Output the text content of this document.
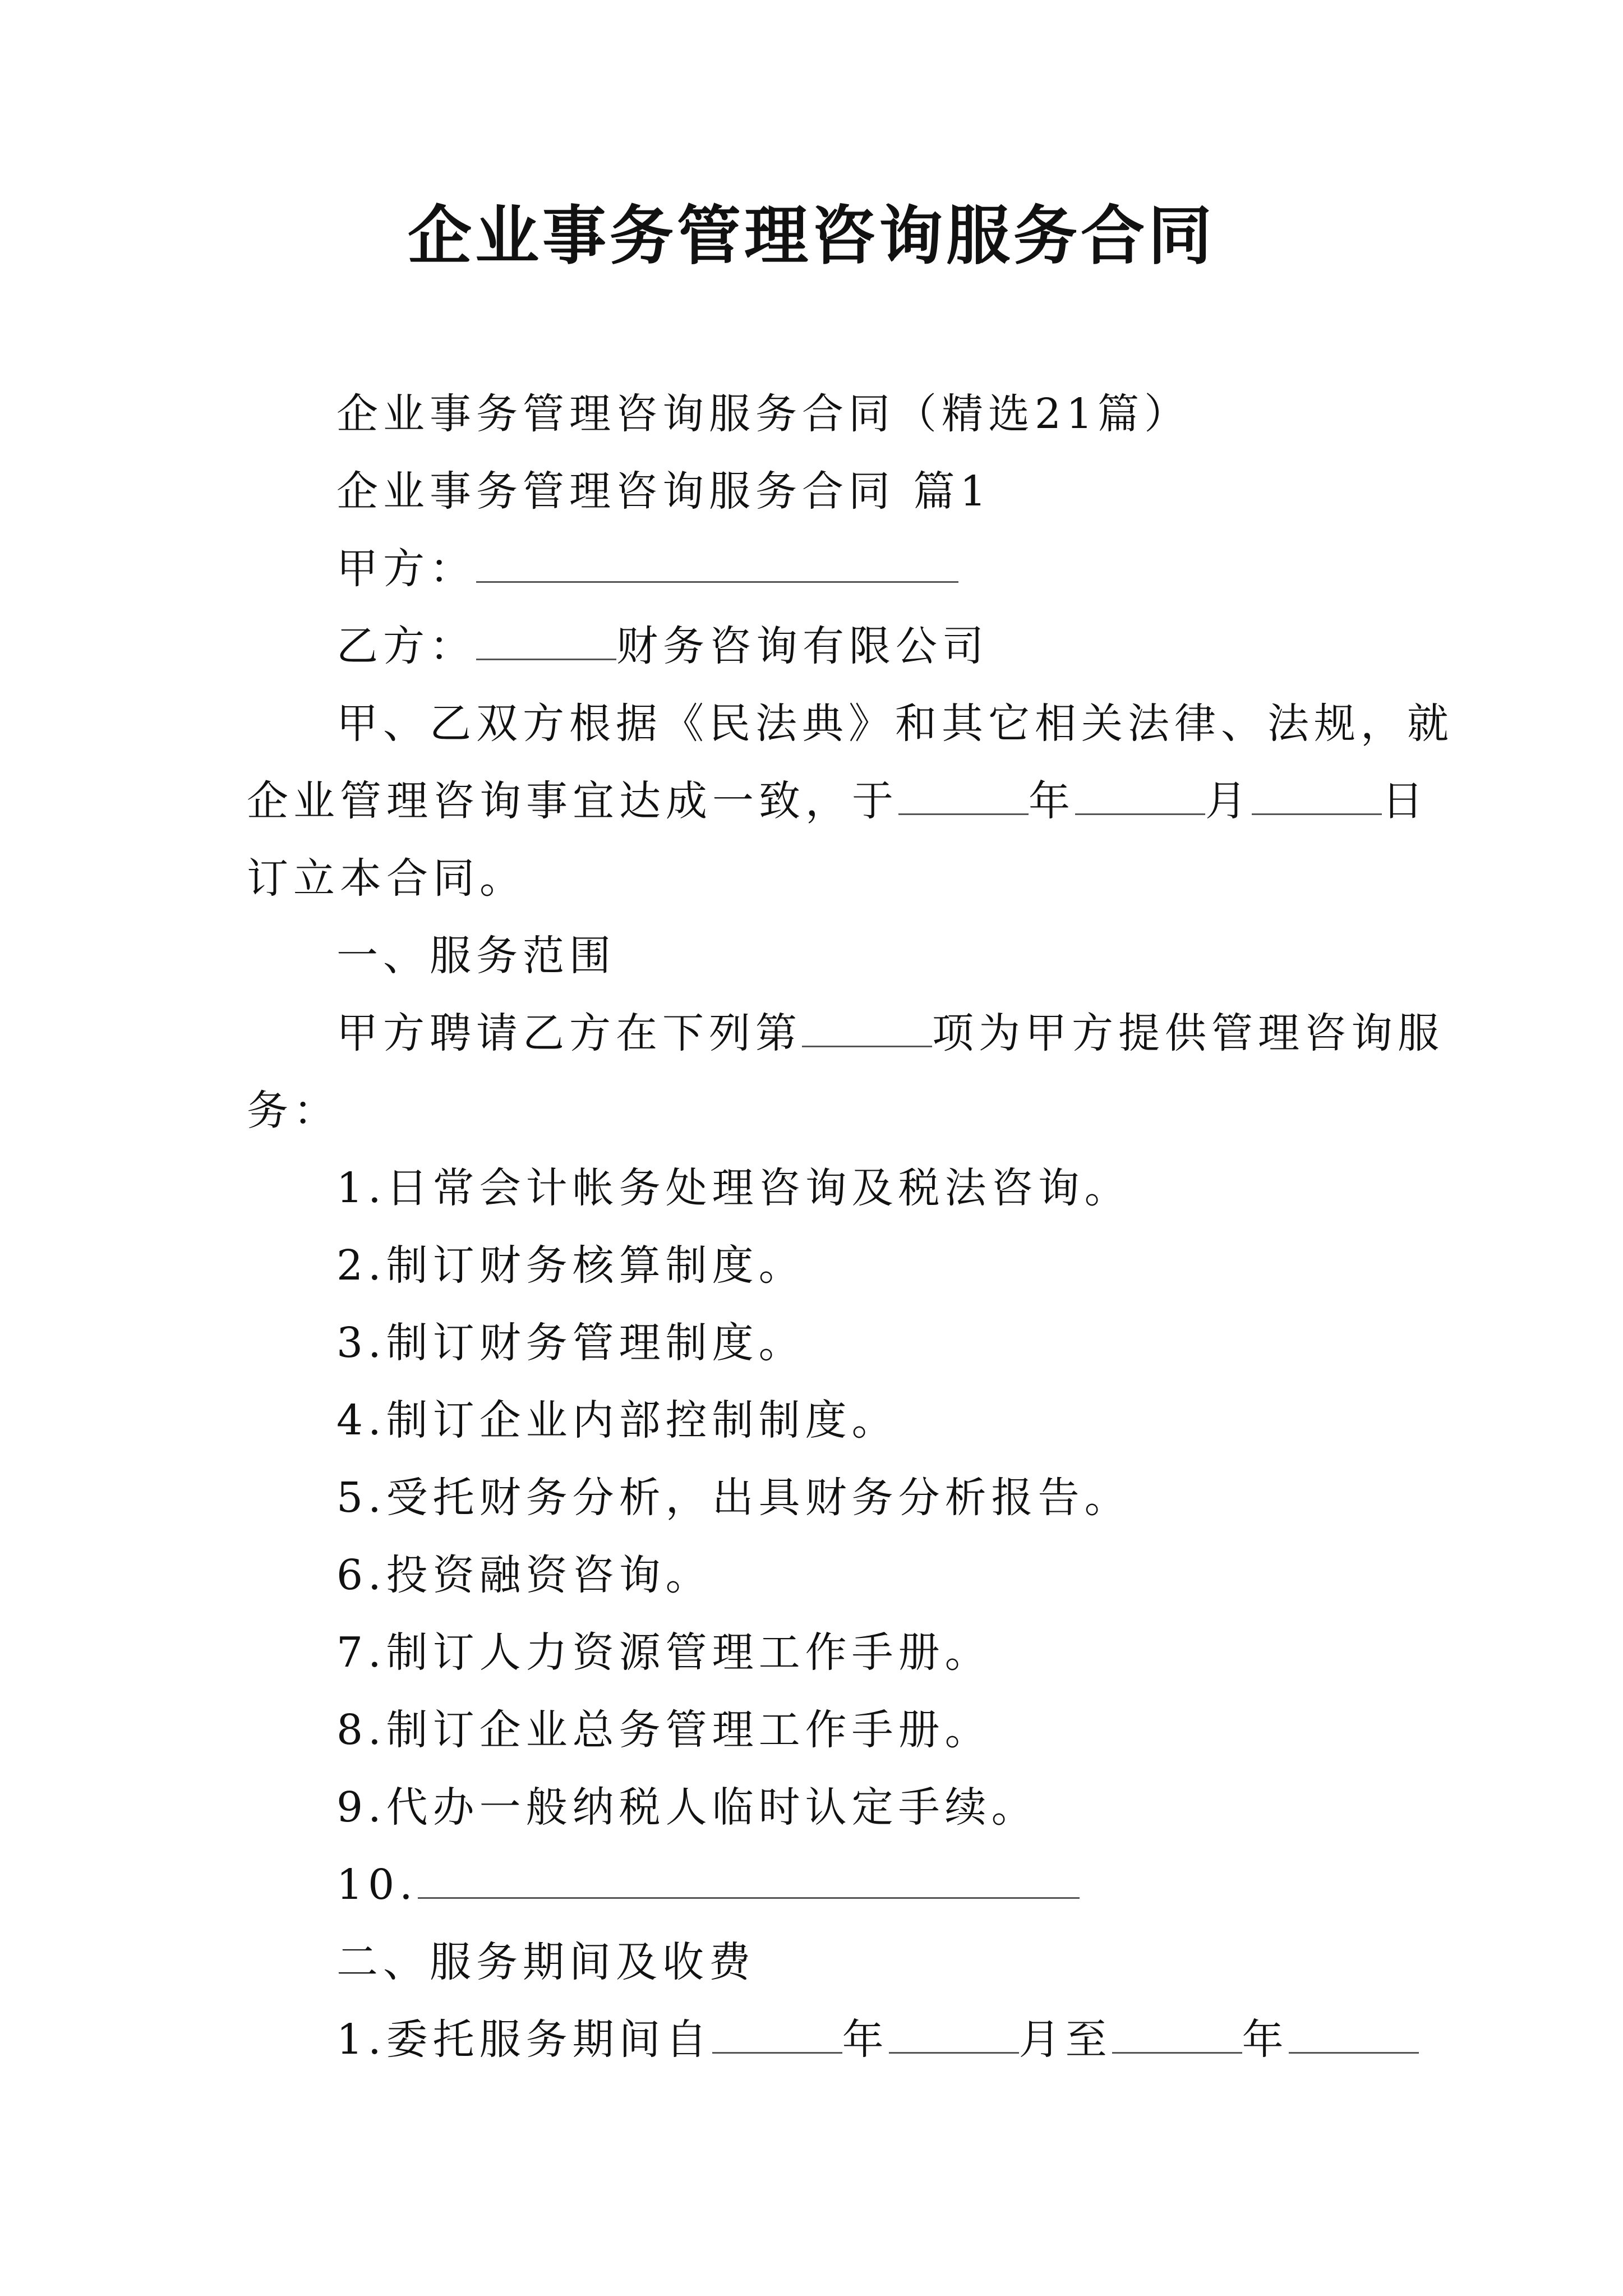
企业事务管理咨询服务合同
企业事务管理咨询服务合同（精选21篇）
企业事务管理咨询服务合同 篇1
甲方：
乙方：	财务咨询有限公司
甲、乙双方根据《民法典》和其它相关法律、法规，就
企业管理咨询事宜达成一致，于	年	月	日
订立本合同。
一、服务范围
甲方聘请乙方在下列第	项为甲方提供管理咨询服
务：
1.日常会计帐务处理咨询及税法咨询。
2.制订财务核算制度。
3.制订财务管理制度。
4.制订企业内部控制制度。
5.受托财务分析，出具财务分析报告。
6.投资融资咨询。
7.制订人力资源管理工作手册。
8.制订企业总务管理工作手册。
9.代办一般纳税人临时认定手续。
10.
二、服务期间及收费
1.委托服务期间自	年	月至	年
